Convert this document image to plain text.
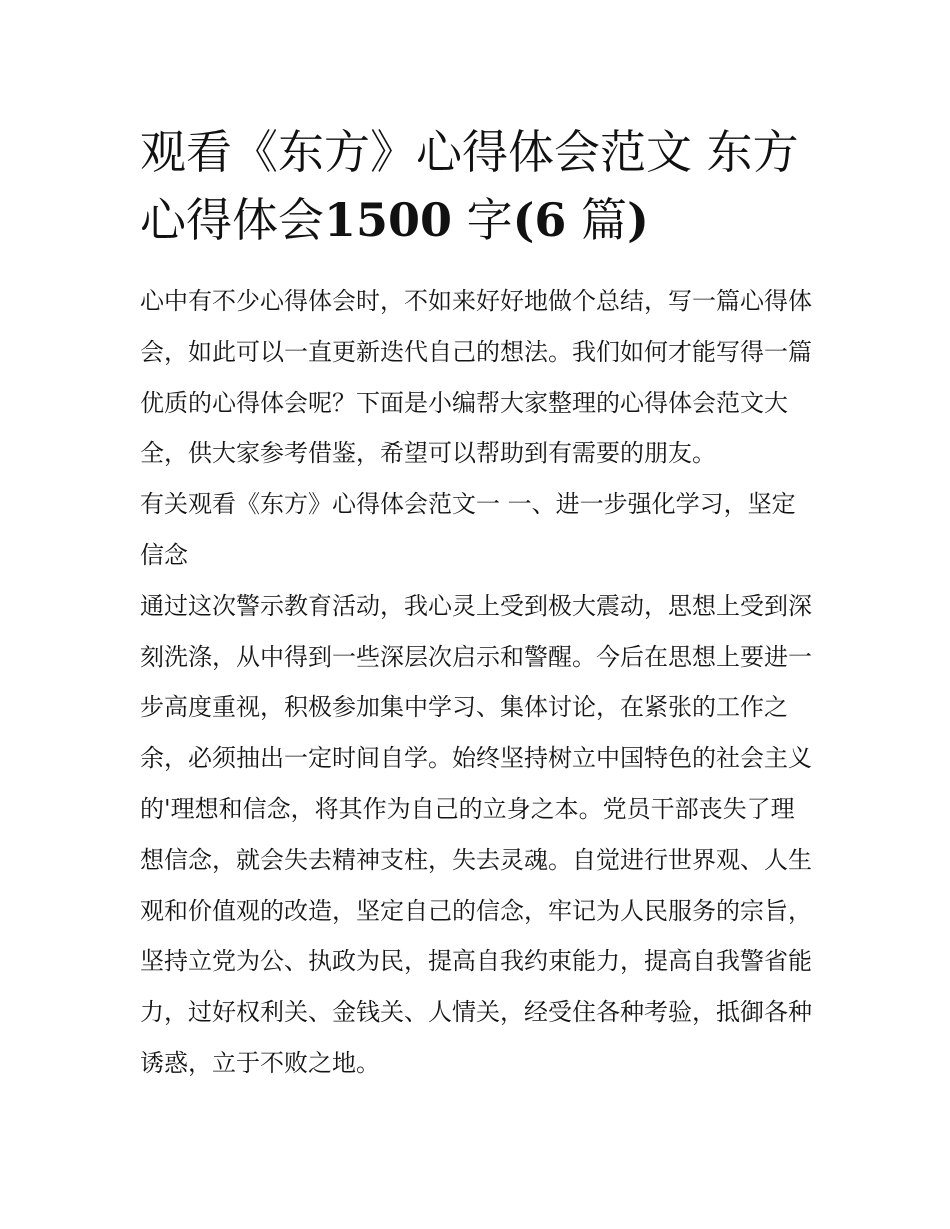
观看《东方》心得体会范文 东方心得体会1500 字(6 篇)

心中有不少心得体会时，不如来好好地做个总结，写一篇心得体会，如此可以一直更新迭代自己的想法。我们如何才能写得一篇优质的心得体会呢？下面是小编帮大家整理的心得体会范文大全，供大家参考借鉴，希望可以帮助到有需要的朋友。

有关观看《东方》心得体会范文一 一、进一步强化学习，坚定信念

通过这次警示教育活动，我心灵上受到极大震动，思想上受到深刻洗涤，从中得到一些深层次启示和警醒。今后在思想上要进一步高度重视，积极参加集中学习、集体讨论，在紧张的工作之余，必须抽出一定时间自学。始终坚持树立中国特色的社会主义的'理想和信念，将其作为自己的立身之本。党员干部丧失了理想信念，就会失去精神支柱，失去灵魂。自觉进行世界观、人生观和价值观的改造，坚定自己的信念，牢记为人民服务的宗旨，坚持立党为公、执政为民，提高自我约束能力，提高自我警省能力，过好权利关、金钱关、人情关，经受住各种考验，抵御各种诱惑，立于不败之地。
